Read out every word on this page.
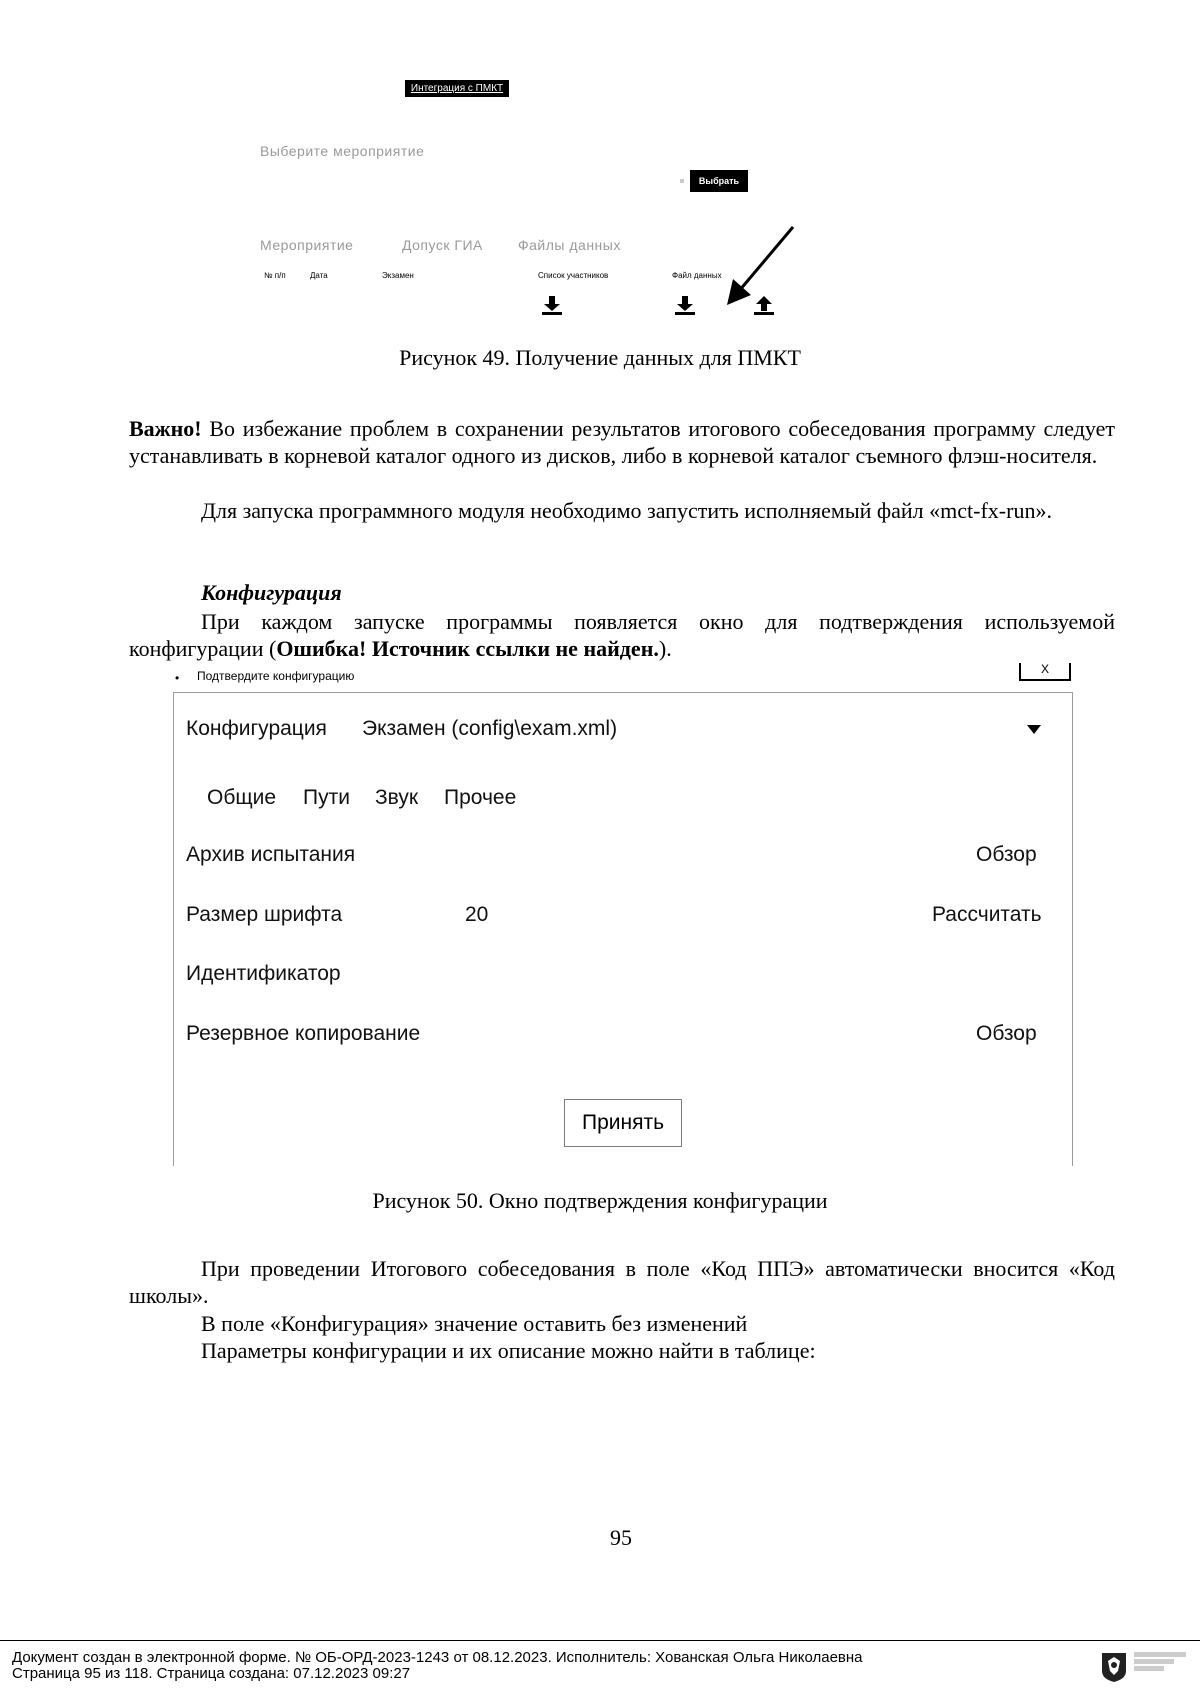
Интеграция с ПМКТ
Выберите мероприятие
Выбрать
Мероприятие	Допуск ГИА	Файлы данных
№ п/п	Дата	Экзамен	Список участников	Файл данных
Рисунок 49. Получение данных для ПМКТ

Важно! Во избежание проблем в сохранении результатов итогового собеседования программу следует устанавливать в корневой каталог одного из дисков, либо в корневой каталог съемного флэш-носителя.

Для запуска программного модуля необходимо запустить исполняемый файл «mct-fx-run».

Конфигурация

При каждом запуске программы появляется окно для подтверждения используемой конфигурации (Ошибка! Источник ссылки не найден.).

• Подтвердите конфигурацию	X
Конфигурация Экзамен (config\exam.xml)
Общие Пути Звук Прочее
Архив испытания	Обзор
Размер шрифта	20	Рассчитать
Идентификатор
Резервное копирование	Обзор
Принять
Рисунок 50. Окно подтверждения конфигурации

При проведении Итогового собеседования в поле «Код ППЭ» автоматически вносится «Код школы».

В поле «Конфигурация» значение оставить без изменений

Параметры конфигурации и их описание можно найти в таблице:

95
Документ создан в электронной форме. № ОБ-ОРД-2023-1243 от 08.12.2023. Исполнитель: Хованская Ольга Николаевна
Страница 95 из 118. Страница создана: 07.12.2023 09:27
